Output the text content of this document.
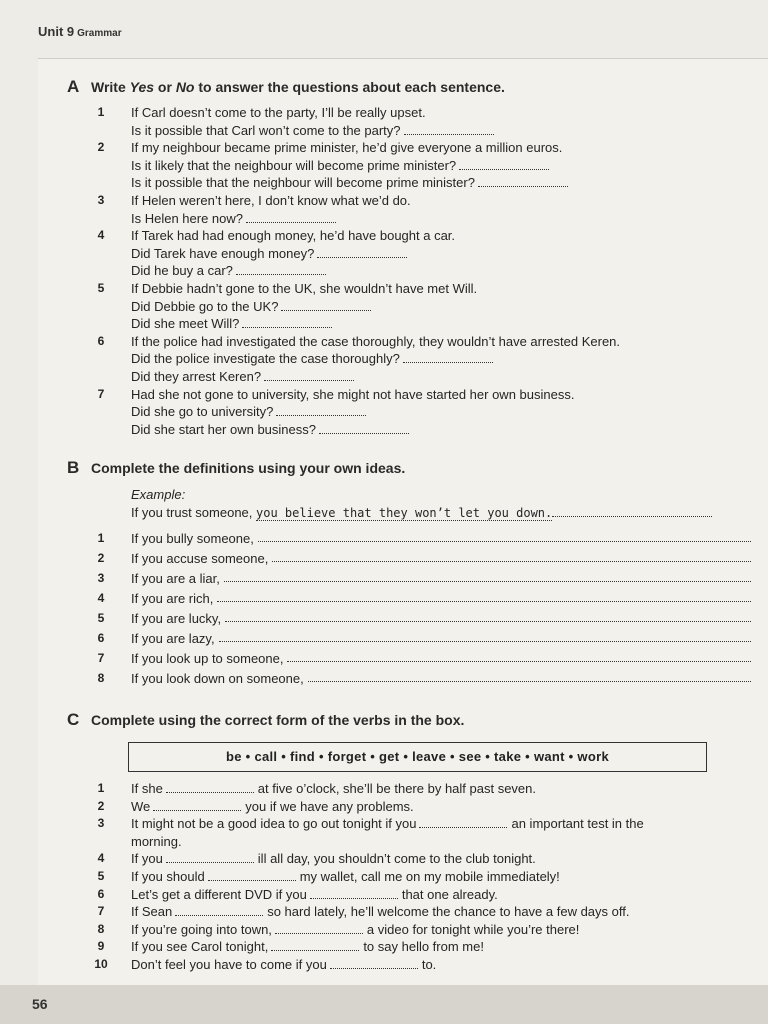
Unit 9 Grammar
A Write Yes or No to answer the questions about each sentence.
1 If Carl doesn’t come to the party, I’ll be really upset.
Is it possible that Carl won’t come to the party?
2 If my neighbour became prime minister, he’d give everyone a million euros.
Is it likely that the neighbour will become prime minister?
Is it possible that the neighbour will become prime minister?
3 If Helen weren’t here, I don’t know what we’d do.
Is Helen here now?
4 If Tarek had had enough money, he’d have bought a car.
Did Tarek have enough money?
Did he buy a car?
5 If Debbie hadn’t gone to the UK, she wouldn’t have met Will.
Did Debbie go to the UK?
Did she meet Will?
6 If the police had investigated the case thoroughly, they wouldn’t have arrested Keren.
Did the police investigate the case thoroughly?
Did they arrest Keren?
7 Had she not gone to university, she might not have started her own business.
Did she go to university?
Did she start her own business?
B Complete the definitions using your own ideas.
Example:
If you trust someone, you believe that they won’t let you down.
1 If you bully someone,
2 If you accuse someone,
3 If you are a liar,
4 If you are rich,
5 If you are lucky,
6 If you are lazy,
7 If you look up to someone,
8 If you look down on someone,
C Complete using the correct form of the verbs in the box.
be • call • find • forget • get • leave • see • take • want • work
1 If she	at five o’clock, she’ll be there by half past seven.
2 We	you if we have any problems.
3 It might not be a good idea to go out tonight if you	an important test in the
morning.
4 If you	ill all day, you shouldn’t come to the club tonight.
5 If you should	my wallet, call me on my mobile immediately!
6 Let’s get a different DVD if you	that one already.
7 If Sean	so hard lately, he’ll welcome the chance to have a few days off.
8 If you’re going into town,	a video for tonight while you’re there!
9 If you see Carol tonight,	to say hello from me!
10 Don’t feel you have to come if you	to.
56
